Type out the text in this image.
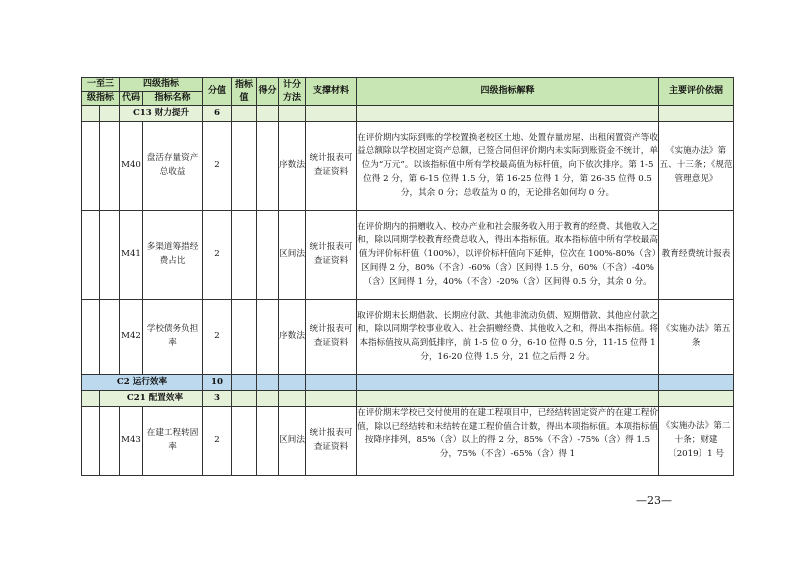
一至三		四级指标		分值	指标值	得分	计分方法	支撑材料	四级指标解释	主要评价依据
级指标		代码	指标名称							
		C13 财力提升		6						
		M40	盘活存量资产总收益	2			序数法	统计报表可查证资料	在评价期内实际到账的学校置换老校区土地、处置存量房屋、出租闲置资产等收益总额除以学校固定资产总额，已签合同但评价期内未实际到账资金不统计，单位为“万元”。以该指标值中所有学校最高值为标杆值，向下依次排序。第 1-5 位得 2 分，第 6-15 位得 1.5 分，第 16-25 位得 1 分，第 26-35 位得 0.5 分，其余 0 分；总收益为 0 的，无论排名如何均 0 分。	《实施办法》第五、十三条；《规范管理意见》
		M41	多渠道筹措经费占比	2			区间法	统计报表可查证资料	在评价期内的捐赠收入、校办产业和社会服务收入用于教育的经费、其他收入之和，除以同期学校教育经费总收入，得出本指标值。取本指标值中所有学校最高值为评价标杆值（100%），以评价标杆值向下延伸，位次在 100%-80%（含）区间得 2 分，80%（不含）-60%（含）区间得 1.5 分，60%（不含）-40%（含）区间得 1 分，40%（不含）-20%（含）区间得 0.5 分，其余 0 分。	教育经费统计报表
		M42	学校债务负担率	2			序数法	统计报表可查证资料	取评价期末长期借款、长期应付款、其他非流动负债、短期借款、其他应付款之和，除以同期学校事业收入、社会捐赠经费、其他收入之和，得出本指标值。将本指标值按从高到低排序，前 1-5 位 0 分，6-10 位得 0.5 分，11-15 位得 1 分，16-20 位得 1.5 分，21 位之后得 2 分。	《实施办法》第五条
C2 运行效率				10						
	C21 配置效率			3						
		M43	在建工程转固率	2			区间法	统计报表可查证资料	在评价期末学校已交付使用的在建工程项目中，已经结转固定资产的在建工程价值，除以已经结转和未结转在建工程价值合计数，得出本项指标值。本项指标值按降序排列，85%（含）以上的得 2 分，85%（不含）-75%（含）得 1.5 分，75%（不含）-65%（含）得 1	《实施办法》第二十条；财建〔2019〕1 号
—23—
